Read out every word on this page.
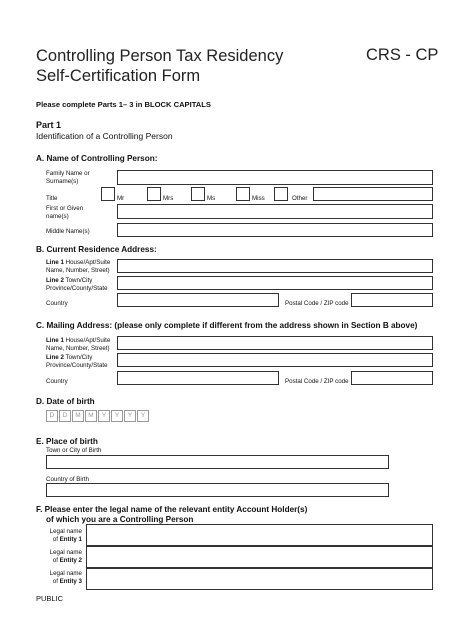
Controlling Person Tax Residency
Self-Certification Form
CRS - CP
Please complete Parts 1– 3 in BLOCK CAPITALS
Part 1
Identification of a Controlling Person
A. Name of Controlling Person:
Family Name or
Surname(s)
Title	Mr	Mrs	Ms	Miss	Other
First or Given
name(s)
Middle Name(s)
B. Current Residence Address:
Line 1 House/Apt/Suite
Name, Number, Street)
Line 2 Town/City
Province/County/State
Country	Postal Code / ZIP code
C. Mailing Address: (please only complete if different from the address shown in Section B above)
Line 1 House/Apt/Suite
Name, Number, Street)
Line 2 Town/City
Province/County/State
Country	Postal Code / ZIP code
D. Date of birth
D	D	M	M	Y	Y	Y	Y
E. Place of birth
Town or City of Birth
Country of Birth
F. Please enter the legal name of the relevant entity Account Holder(s)
of which you are a Controlling Person
Legal name
of Entity 1
Legal name
of Entity 2
Legal name
of Entity 3
PUBLIC
